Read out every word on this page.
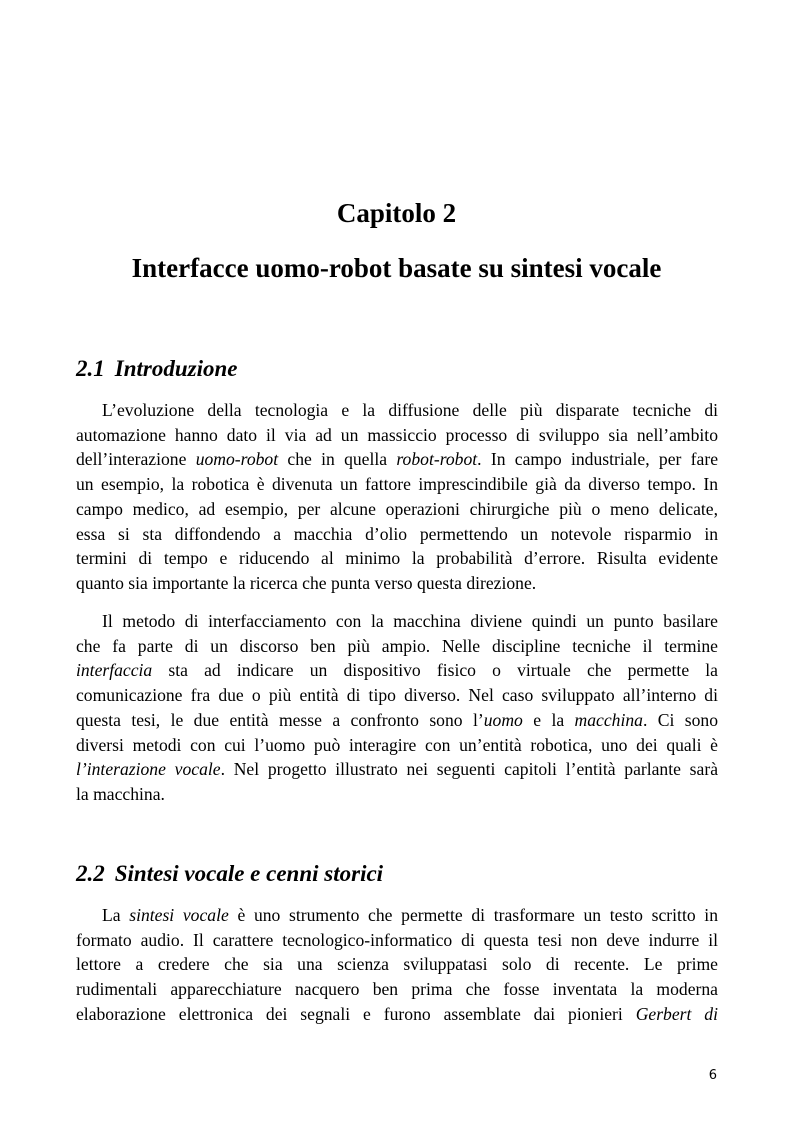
Capitolo 2
Interfacce uomo-robot basate su sintesi vocale
2.1 Introduzione
L’evoluzione della tecnologia e la diffusione delle più disparate tecniche di
automazione hanno dato il via ad un massiccio processo di sviluppo sia nell’ambito
dell’interazione uomo-robot che in quella robot-robot. In campo industriale, per fare
un esempio, la robotica è divenuta un fattore imprescindibile già da diverso tempo. In
campo medico, ad esempio, per alcune operazioni chirurgiche più o meno delicate,
essa si sta diffondendo a macchia d’olio permettendo un notevole risparmio in
termini di tempo e riducendo al minimo la probabilità d’errore. Risulta evidente
quanto sia importante la ricerca che punta verso questa direzione.
Il metodo di interfacciamento con la macchina diviene quindi un punto basilare
che fa parte di un discorso ben più ampio. Nelle discipline tecniche il termine
interfaccia sta ad indicare un dispositivo fisico o virtuale che permette la
comunicazione fra due o più entità di tipo diverso. Nel caso sviluppato all’interno di
questa tesi, le due entità messe a confronto sono l’uomo e la macchina. Ci sono
diversi metodi con cui l’uomo può interagire con un’entità robotica, uno dei quali è
l’interazione vocale. Nel progetto illustrato nei seguenti capitoli l’entità parlante sarà
la macchina.
2.2 Sintesi vocale e cenni storici
La sintesi vocale è uno strumento che permette di trasformare un testo scritto in
formato audio. Il carattere tecnologico-informatico di questa tesi non deve indurre il
lettore a credere che sia una scienza sviluppatasi solo di recente. Le prime
rudimentali apparecchiature nacquero ben prima che fosse inventata la moderna
elaborazione elettronica dei segnali e furono assemblate dai pionieri Gerbert di
6
